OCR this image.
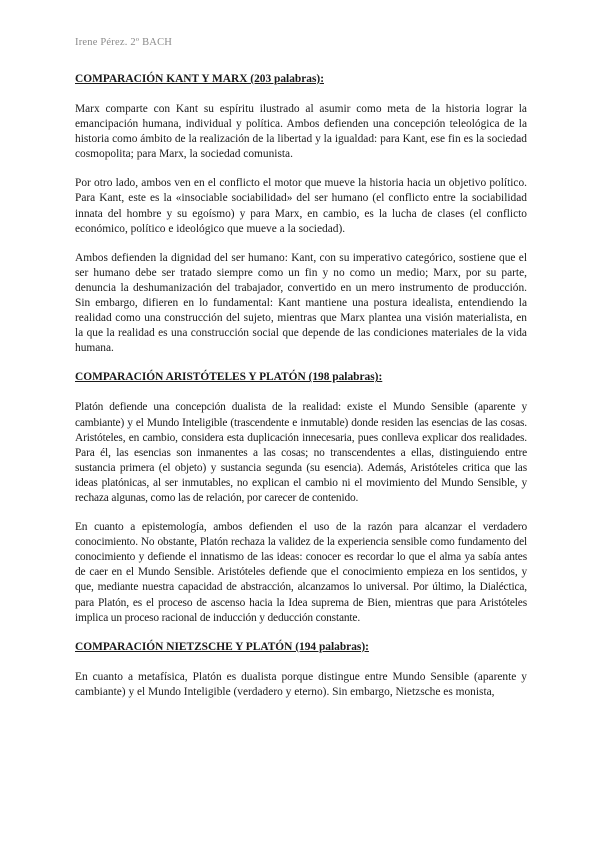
Irene Pérez. 2º BACH
COMPARACIÓN KANT Y MARX (203 palabras):

Marx comparte con Kant su espíritu ilustrado al asumir como meta de la historia lograr la emancipación humana, individual y política. Ambos defienden una concepción teleológica de la historia como ámbito de la realización de la libertad y la igualdad: para Kant, ese fin es la sociedad cosmopolita; para Marx, la sociedad comunista.

Por otro lado, ambos ven en el conflicto el motor que mueve la historia hacia un objetivo político. Para Kant, este es la «insociable sociabilidad» del ser humano (el conflicto entre la sociabilidad innata del hombre y su egoísmo) y para Marx, en cambio, es la lucha de clases (el conflicto económico, político e ideológico que mueve a la sociedad).

Ambos defienden la dignidad del ser humano: Kant, con su imperativo categórico, sostiene que el ser humano debe ser tratado siempre como un fin y no como un medio; Marx, por su parte, denuncia la deshumanización del trabajador, convertido en un mero instrumento de producción. Sin embargo, difieren en lo fundamental: Kant mantiene una postura idealista, entendiendo la realidad como una construcción del sujeto, mientras que Marx plantea una visión materialista, en la que la realidad es una construcción social que depende de las condiciones materiales de la vida humana.

COMPARACIÓN ARISTÓTELES Y PLATÓN (198 palabras):

Platón defiende una concepción dualista de la realidad: existe el Mundo Sensible (aparente y cambiante) y el Mundo Inteligible (trascendente e inmutable) donde residen las esencias de las cosas. Aristóteles, en cambio, considera esta duplicación innecesaria, pues conlleva explicar dos realidades. Para él, las esencias son inmanentes a las cosas; no transcendentes a ellas, distinguiendo entre sustancia primera (el objeto) y sustancia segunda (su esencia). Además, Aristóteles critica que las ideas platónicas, al ser inmutables, no explican el cambio ni el movimiento del Mundo Sensible, y rechaza algunas, como las de relación, por carecer de contenido.

En cuanto a epistemología, ambos defienden el uso de la razón para alcanzar el verdadero conocimiento. No obstante, Platón rechaza la validez de la experiencia sensible como fundamento del conocimiento y defiende el innatismo de las ideas: conocer es recordar lo que el alma ya sabía antes de caer en el Mundo Sensible. Aristóteles defiende que el conocimiento empieza en los sentidos, y que, mediante nuestra capacidad de abstracción, alcanzamos lo universal. Por último, la Dialéctica, para Platón, es el proceso de ascenso hacia la Idea suprema de Bien, mientras que para Aristóteles implica un proceso racional de inducción y deducción constante.

COMPARACIÓN NIETZSCHE Y PLATÓN (194 palabras):

En cuanto a metafísica, Platón es dualista porque distingue entre Mundo Sensible (aparente y cambiante) y el Mundo Inteligible (verdadero y eterno). Sin embargo, Nietzsche es monista,
